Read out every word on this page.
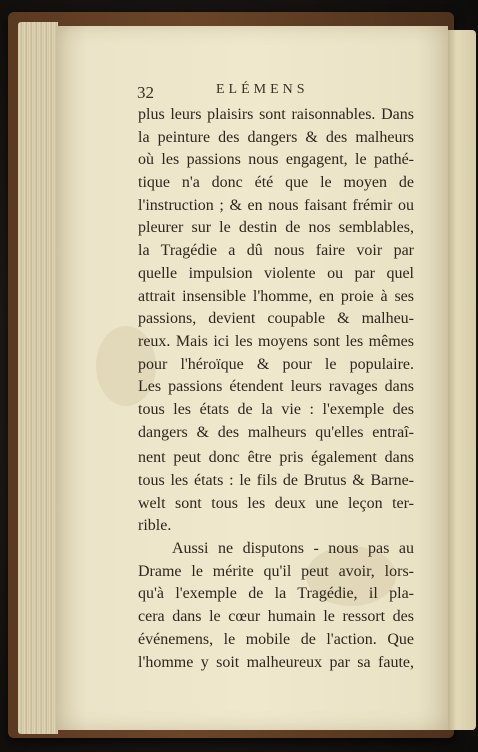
32	ELÉMENS
plus leurs plaisirs sont raisonnables. Dans
la peinture des dangers & des malheurs
où les passions nous engagent, le pathé-
tique n'a donc été que le moyen de
l'instruction ; & en nous faisant frémir ou
pleurer sur le destin de nos semblables,
la Tragédie a dû nous faire voir par
quelle impulsion violente ou par quel
attrait insensible l'homme, en proie à ses
passions, devient coupable & malheu-
reux. Mais ici les moyens sont les mêmes
pour l'héroïque & pour le populaire.
Les passions étendent leurs ravages dans
tous les états de la vie : l'exemple des
dangers & des malheurs qu'elles entraî-
nent peut donc être pris également dans
tous les états : le fils de Brutus & Barne-
welt sont tous les deux une leçon ter-
rible.
Aussi ne disputons - nous pas au
Drame le mérite qu'il peut avoir, lors-
qu'à l'exemple de la Tragédie, il pla-
cera dans le cœur humain le ressort des
événemens, le mobile de l'action. Que
l'homme y soit malheureux par sa faute,
